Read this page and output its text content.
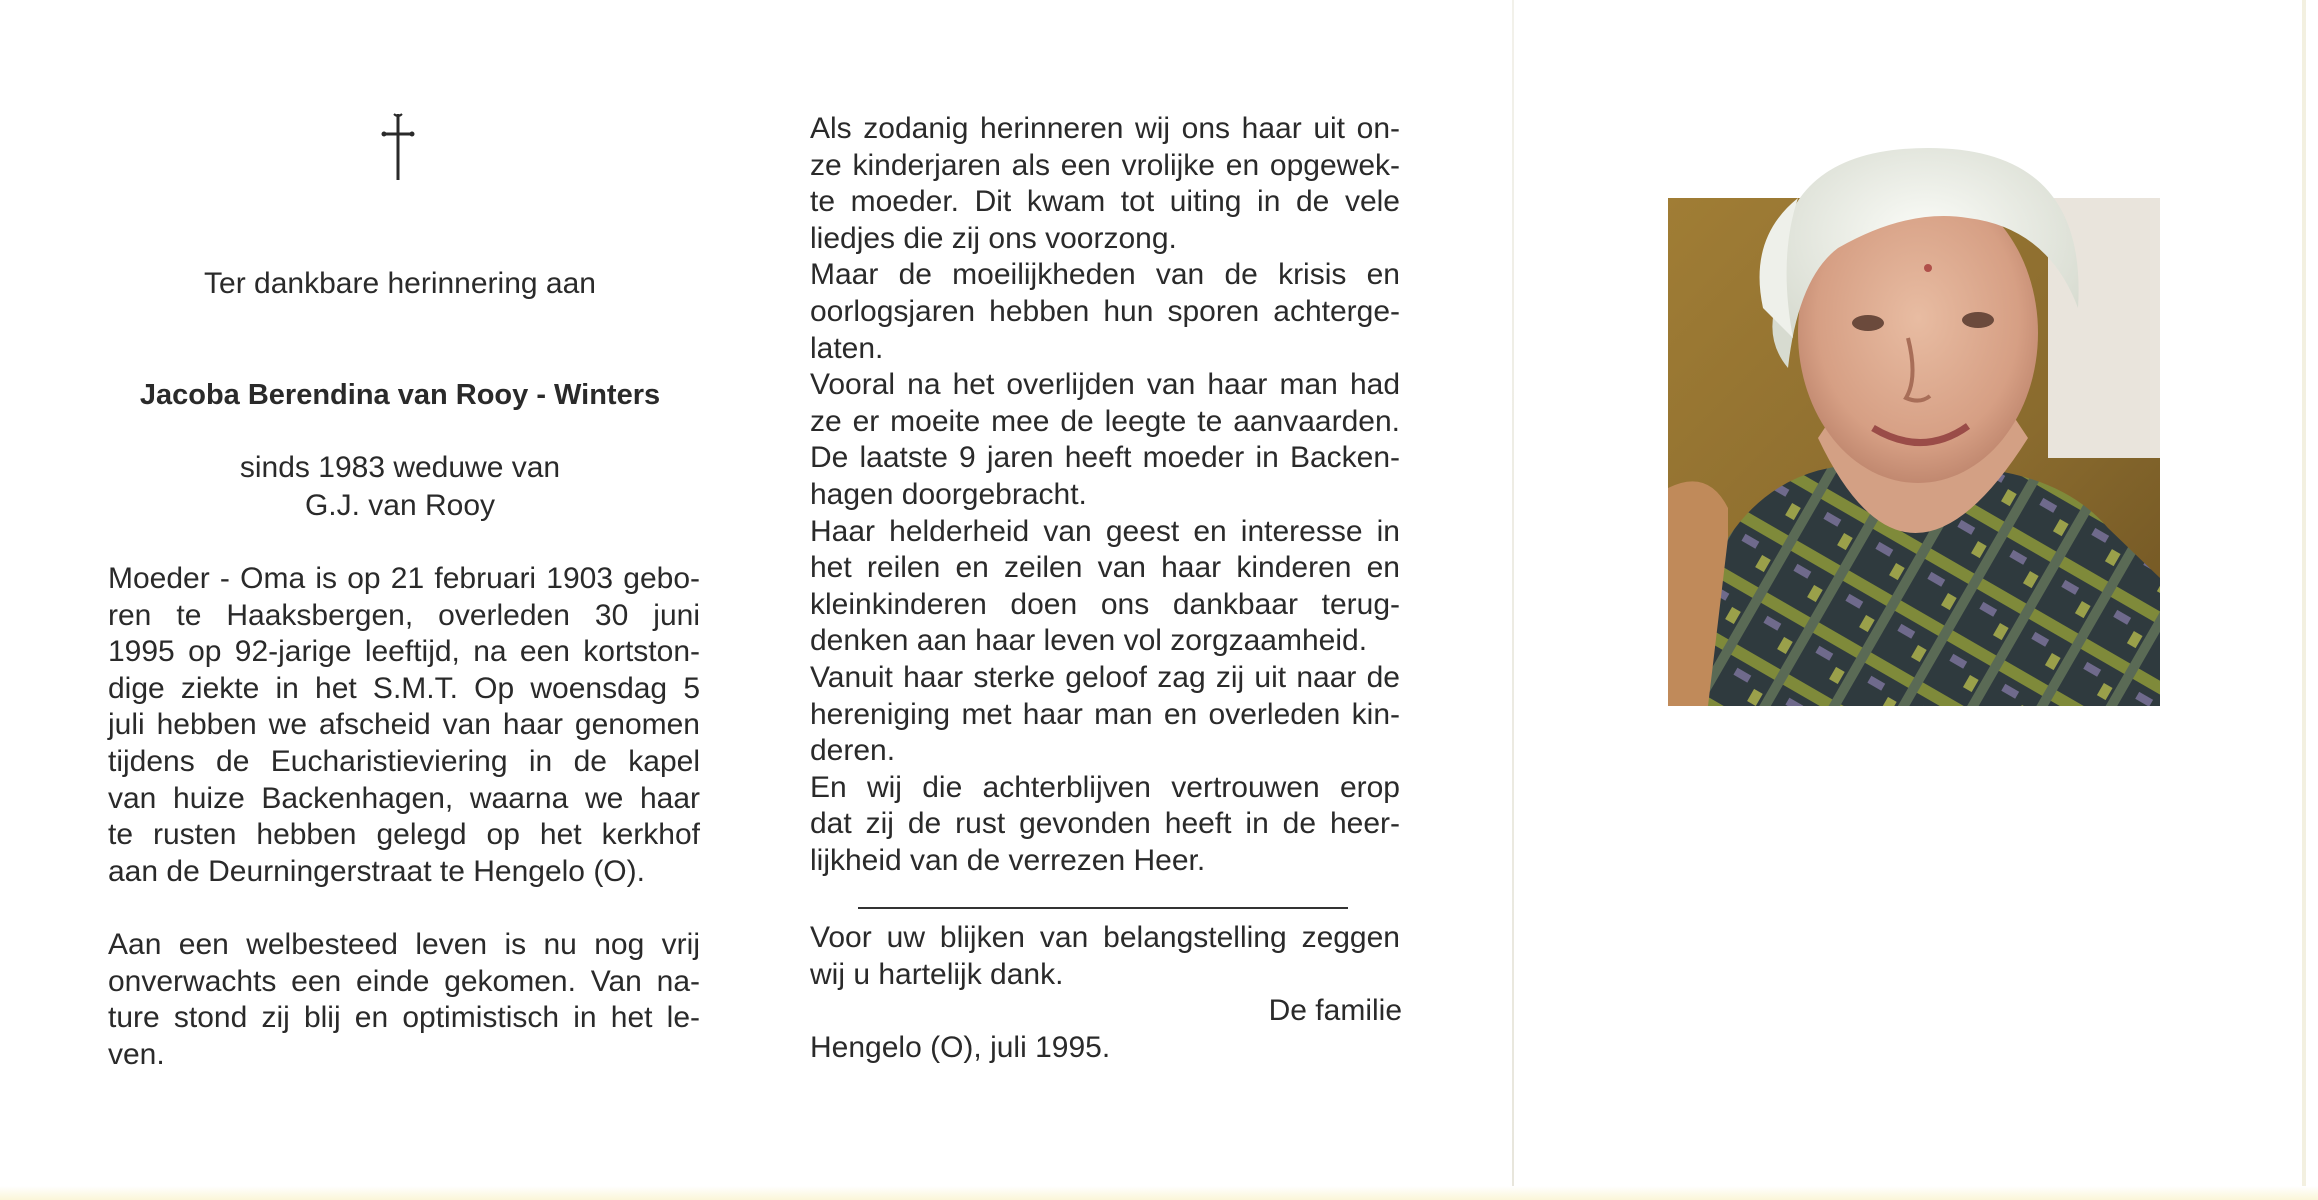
Ter dankbare herinnering aan
Jacoba Berendina van Rooy - Winters
sinds 1983 weduwe van
G.J. van Rooy
Moeder - Oma is op 21 februari 1903 gebo-
ren te Haaksbergen, overleden 30 juni
1995 op 92-jarige leeftijd, na een kortston-
dige ziekte in het S.M.T. Op woensdag 5
juli hebben we afscheid van haar genomen
tijdens de Eucharistieviering in de kapel
van huize Backenhagen, waarna we haar
te rusten hebben gelegd op het kerkhof
aan de Deurningerstraat te Hengelo (O).
Aan een welbesteed leven is nu nog vrij
onverwachts een einde gekomen. Van na-
ture stond zij blij en optimistisch in het le-
ven.
Als zodanig herinneren wij ons haar uit on-
ze kinderjaren als een vrolijke en opgewek-
te moeder. Dit kwam tot uiting in de vele
liedjes die zij ons voorzong.
Maar de moeilijkheden van de krisis en
oorlogsjaren hebben hun sporen achterge-
laten.
Vooral na het overlijden van haar man had
ze er moeite mee de leegte te aanvaarden.
De laatste 9 jaren heeft moeder in Backen-
hagen doorgebracht.
Haar helderheid van geest en interesse in
het reilen en zeilen van haar kinderen en
kleinkinderen doen ons dankbaar terug-
denken aan haar leven vol zorgzaamheid.
Vanuit haar sterke geloof zag zij uit naar de
hereniging met haar man en overleden kin-
deren.
En wij die achterblijven vertrouwen erop
dat zij de rust gevonden heeft in de heer-
lijkheid van de verrezen Heer.
Voor uw blijken van belangstelling zeggen
wij u hartelijk dank.
De familie
Hengelo (O), juli 1995.
